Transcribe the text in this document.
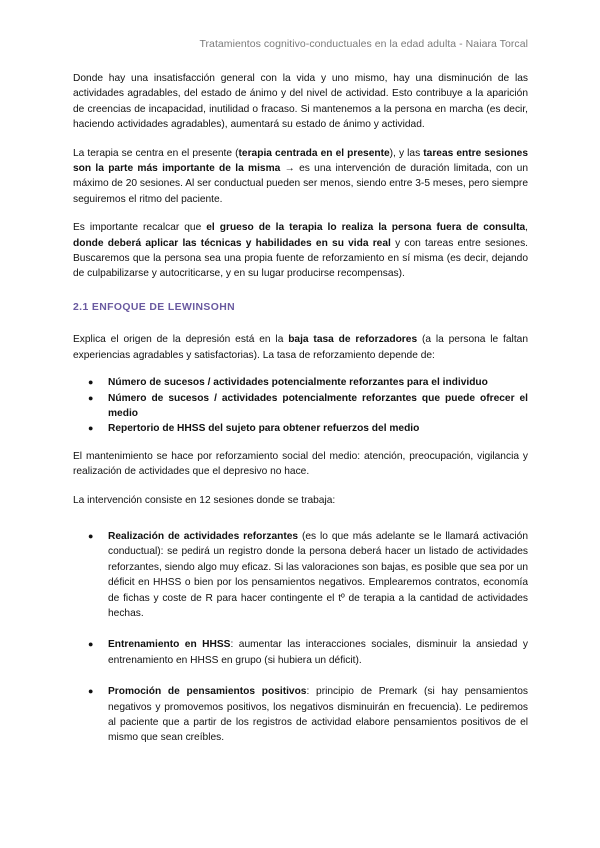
Tratamientos cognitivo-conductuales en la edad adulta - Naiara Torcal

Donde hay una insatisfacción general con la vida y uno mismo, hay una disminución de las actividades agradables, del estado de ánimo y del nivel de actividad. Esto contribuye a la aparición de creencias de incapacidad, inutilidad o fracaso. Si mantenemos a la persona en marcha (es decir, haciendo actividades agradables), aumentará su estado de ánimo y actividad.

La terapia se centra en el presente (terapia centrada en el presente), y las tareas entre sesiones son la parte más importante de la misma → es una intervención de duración limitada, con un máximo de 20 sesiones. Al ser conductual pueden ser menos, siendo entre 3-5 meses, pero siempre seguiremos el ritmo del paciente.

Es importante recalcar que el grueso de la terapia lo realiza la persona fuera de consulta, donde deberá aplicar las técnicas y habilidades en su vida real y con tareas entre sesiones. Buscaremos que la persona sea una propia fuente de reforzamiento en sí misma (es decir, dejando de culpabilizarse y autocriticarse, y en su lugar producirse recompensas).

2.1 ENFOQUE DE LEWINSOHN

Explica el origen de la depresión está en la baja tasa de reforzadores (a la persona le faltan experiencias agradables y satisfactorias). La tasa de reforzamiento depende de:

● Número de sucesos / actividades potencialmente reforzantes para el individuo
● Número de sucesos / actividades potencialmente reforzantes que puede ofrecer el medio
● Repertorio de HHSS del sujeto para obtener refuerzos del medio

El mantenimiento se hace por reforzamiento social del medio: atención, preocupación, vigilancia y realización de actividades que el depresivo no hace.

La intervención consiste en 12 sesiones donde se trabaja:

● Realización de actividades reforzantes (es lo que más adelante se le llamará activación conductual): se pedirá un registro donde la persona deberá hacer un listado de actividades reforzantes, siendo algo muy eficaz. Si las valoraciones son bajas, es posible que sea por un déficit en HHSS o bien por los pensamientos negativos. Emplearemos contratos, economía de fichas y coste de R para hacer contingente el tº de terapia a la cantidad de actividades hechas.
● Entrenamiento en HHSS: aumentar las interacciones sociales, disminuir la ansiedad y entrenamiento en HHSS en grupo (si hubiera un déficit).
● Promoción de pensamientos positivos: principio de Premark (si hay pensamientos negativos y promovemos positivos, los negativos disminuirán en frecuencia). Le pediremos al paciente que a partir de los registros de actividad elabore pensamientos positivos de el mismo que sean creíbles.
